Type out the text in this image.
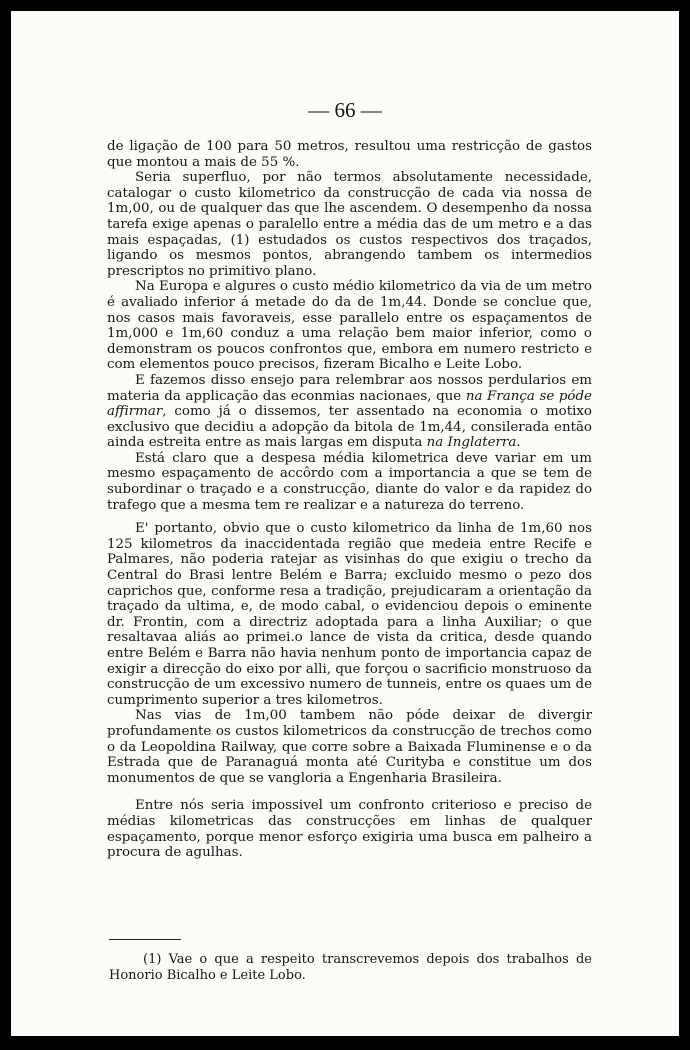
— 66 —

de ligação de 100 para 50 metros, resultou uma restricção de gastos que montou a mais de 55 %.

Seria superfluo, por não termos absolutamente necessidade, catalogar o custo kilometrico da construcção de cada via nossa de 1m,00, ou de qualquer das que lhe ascendem. O desempenho da nossa tarefa exige apenas o paralello entre a média das de um metro e a das mais espaçadas, (1) estudados os custos respectivos dos traçados, ligando os mesmos pontos, abrangendo tambem os intermedios prescriptos no primitivo plano.

Na Europa e algures o custo médio kilometrico da via de um metro é avaliado inferior á metade do da de 1m,44. Donde se conclue que, nos casos mais favoraveis, esse parallelo entre os espaçamentos de 1m,000 e 1m,60 conduz a uma relação bem maior inferior, como o demonstram os poucos confrontos que, embora em numero restricto e com elementos pouco precisos, fizeram Bicalho e Leite Lobo.

E fazemos disso ensejo para relembrar aos nossos perdularios em materia da applicação das econmias nacionaes, que na França se póde affirmar, como já o dissemos, ter assentado na economia o motixo exclusivo que decidiu a adopção da bitola de 1m,44, consilerada então ainda estreita entre as mais largas em disputa na Inglaterra.

Está claro que a despesa média kilometrica deve variar em um mesmo espaçamento de accôrdo com a importancia a que se tem de subordinar o traçado e a construcção, diante do valor e da rapidez do trafego que a mesma tem re realizar e a natureza do terreno.

E' portanto, obvio que o custo kilometrico da linha de 1m,60 nos 125 kilometros da inaccidentada região que medeia entre Recife e Palmares, não poderia ratejar as visinhas do que exigiu o trecho da Central do Brasi lentre Belém e Barra; excluido mesmo o pezo dos caprichos que, conforme resa a tradição, prejudicaram a orientação da traçado da ultima, e, de modo cabal, o evidenciou depois o eminente dr. Frontin, com a directriz adoptada para a linha Auxiliar; o que resaltavaa aliás ao primei.o lance de vista da critica, desde quando entre Belém e Barra não havia nenhum ponto de importancia capaz de exigir a direcção do eixo por alli, que forçou o sacrificio monstruoso da construcção de um excessivo numero de tunneis, entre os quaes um de cumprimento superior a tres kilometros.

Nas vias de 1m,00 tambem não póde deixar de divergir profundamente os custos kilometricos da construcção de trechos como o da Leopoldina Railway, que corre sobre a Baixada Fluminense e o da Estrada que de Paranaguá monta até Curityba e constitue um dos monumentos de que se vangloria a Engenharia Brasileira.

Entre nós seria impossivel um confronto criterioso e preciso de médias kilometricas das construcções em linhas de qualquer espaçamento, porque menor esforço exigiria uma busca em palheiro a procura de agulhas.

(1) Vae o que a respeito transcrevemos depois dos trabalhos de Honorio Bicalho e Leite Lobo.
